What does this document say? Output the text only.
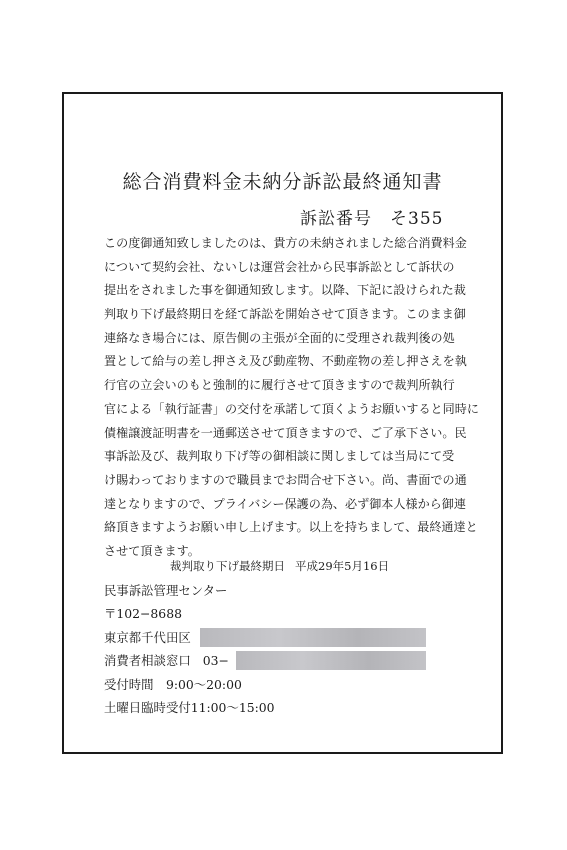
総合消費料金未納分訴訟最終通知書
訴訟番号　そ355
この度御通知致しましたのは、貴方の未納されました総合消費料金
について契約会社、ないしは運営会社から民事訴訟として訴状の
提出をされました事を御通知致します。以降、下記に設けられた裁
判取り下げ最終期日を経て訴訟を開始させて頂きます。このまま御
連絡なき場合には、原告側の主張が全面的に受理され裁判後の処
置として給与の差し押さえ及び動産物、不動産物の差し押さえを執
行官の立会いのもと強制的に履行させて頂きますので裁判所執行
官による「執行証書」の交付を承諾して頂くようお願いすると同時に
債権譲渡証明書を一通郵送させて頂きますので、ご了承下さい。民
事訴訟及び、裁判取り下げ等の御相談に関しましては当局にて受
け賜わっておりますので職員までお問合せ下さい。尚、書面での通
達となりますので、プライバシー保護の為、必ず御本人様から御連
絡頂きますようお願い申し上げます。以上を持ちまして、最終通達と
させて頂きます。
裁判取り下げ最終期日 平成29年5月16日
民事訴訟管理センター
〒102−8688
東京都千代田区
消費者相談窓口 03−
受付時間　9:00〜20:00
土曜日臨時受付11:00〜15:00
